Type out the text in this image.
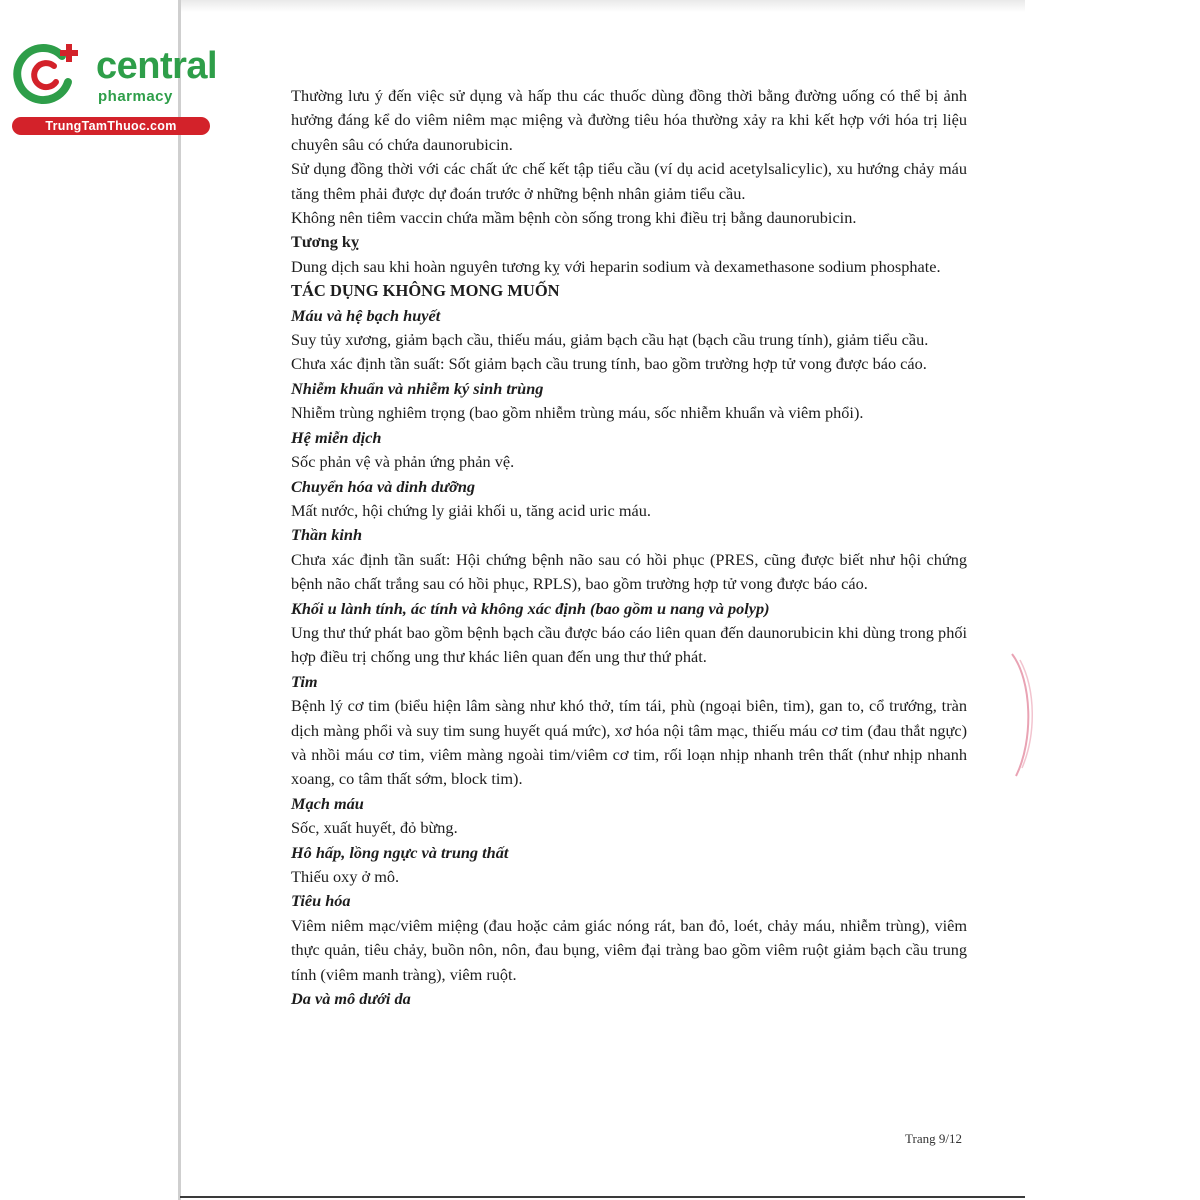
central
pharmacy
TrungTamThuoc.com

Thường lưu ý đến việc sử dụng và hấp thu các thuốc dùng đồng thời bằng đường uống có thể bị ảnh hưởng đáng kể do viêm niêm mạc miệng và đường tiêu hóa thường xảy ra khi kết hợp với hóa trị liệu chuyên sâu có chứa daunorubicin.

Sử dụng đồng thời với các chất ức chế kết tập tiểu cầu (ví dụ acid acetylsalicylic), xu hướng chảy máu tăng thêm phải được dự đoán trước ở những bệnh nhân giảm tiểu cầu.

Không nên tiêm vaccin chứa mầm bệnh còn sống trong khi điều trị bằng daunorubicin.

Tương kỵ

Dung dịch sau khi hoàn nguyên tương kỵ với heparin sodium và dexamethasone sodium phosphate.

TÁC DỤNG KHÔNG MONG MUỐN

Máu và hệ bạch huyết

Suy tủy xương, giảm bạch cầu, thiếu máu, giảm bạch cầu hạt (bạch cầu trung tính), giảm tiểu cầu.

Chưa xác định tần suất: Sốt giảm bạch cầu trung tính, bao gồm trường hợp tử vong được báo cáo.

Nhiễm khuẩn và nhiễm ký sinh trùng

Nhiễm trùng nghiêm trọng (bao gồm nhiễm trùng máu, sốc nhiễm khuẩn và viêm phổi).

Hệ miễn dịch

Sốc phản vệ và phản ứng phản vệ.

Chuyển hóa và dinh dưỡng

Mất nước, hội chứng ly giải khối u, tăng acid uric máu.

Thần kinh

Chưa xác định tần suất: Hội chứng bệnh não sau có hồi phục (PRES, cũng được biết như hội chứng bệnh não chất trắng sau có hồi phục, RPLS), bao gồm trường hợp tử vong được báo cáo.

Khối u lành tính, ác tính và không xác định (bao gồm u nang và polyp)

Ung thư thứ phát bao gồm bệnh bạch cầu được báo cáo liên quan đến daunorubicin khi dùng trong phối hợp điều trị chống ung thư khác liên quan đến ung thư thứ phát.

Tim

Bệnh lý cơ tim (biểu hiện lâm sàng như khó thở, tím tái, phù (ngoại biên, tim), gan to, cổ trướng, tràn dịch màng phổi và suy tim sung huyết quá mức), xơ hóa nội tâm mạc, thiếu máu cơ tim (đau thắt ngực) và nhồi máu cơ tim, viêm màng ngoài tim/viêm cơ tim, rối loạn nhịp nhanh trên thất (như nhịp nhanh xoang, co tâm thất sớm, block tim).

Mạch máu

Sốc, xuất huyết, đỏ bừng.

Hô hấp, lồng ngực và trung thất

Thiếu oxy ở mô.

Tiêu hóa

Viêm niêm mạc/viêm miệng (đau hoặc cảm giác nóng rát, ban đỏ, loét, chảy máu, nhiễm trùng), viêm thực quản, tiêu chảy, buồn nôn, nôn, đau bụng, viêm đại tràng bao gồm viêm ruột giảm bạch cầu trung tính (viêm manh tràng), viêm ruột.

Da và mô dưới da

Trang 9/12
